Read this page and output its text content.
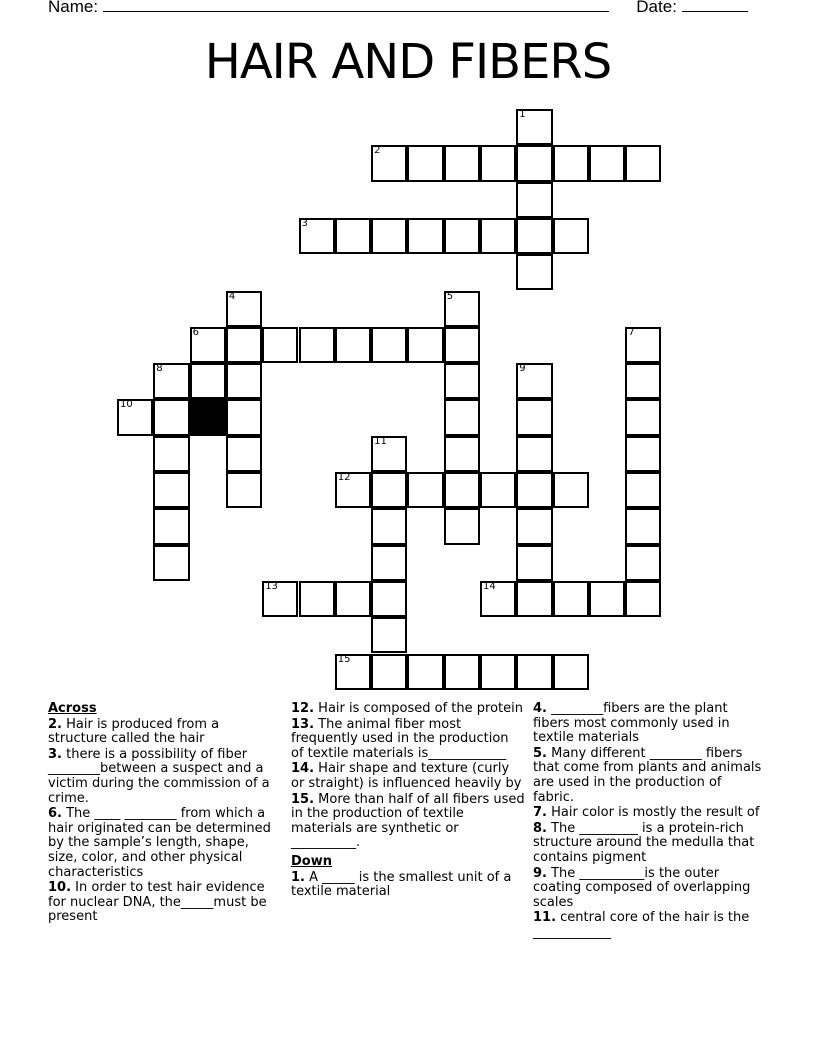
Name:	Date:
HAIR AND FIBERS
1
2
3
4	5
6	7
8	9
10
11
12
13	14
15
Across
2. Hair is produced from a structure called the hair
3. there is a possibility of fiber ________between a suspect and a victim during the commission of a crime.
6. The ____ ________ from which a hair originated can be determined by the sample’s length, shape, size, color, and other physical characteristics
10. In order to test hair evidence for nuclear DNA, the_____must be present
12. Hair is composed of the protein
13. The animal fiber most frequently used in the production of textile materials is____________
14. Hair shape and texture (curly or straight) is influenced heavily by
15. More than half of all fibers used in the production of textile materials are synthetic or __________.
Down
1. A _____ is the smallest unit of a textile material
4. ________fibers are the plant fibers most commonly used in textile materials
5. Many different ________ fibers that come from plants and animals are used in the production of fabric.
7. Hair color is mostly the result of
8. The _________ is a protein-rich structure around the medulla that contains pigment
9. The __________is the outer coating composed of overlapping scales
11. central core of the hair is the ____________
